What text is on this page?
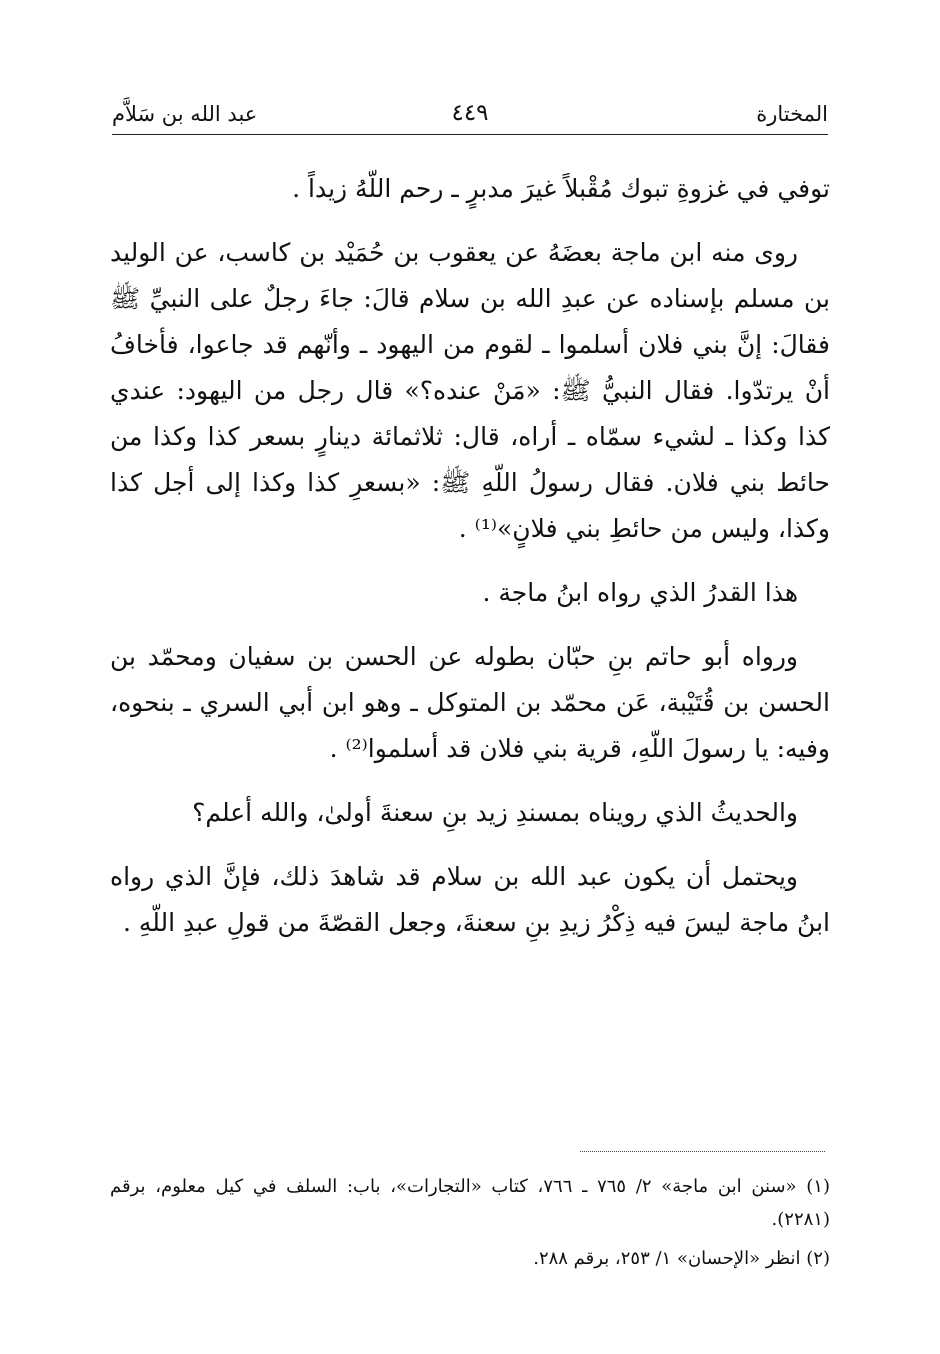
المختارة
٤٤٩
عبد الله بن سَلاَّم

توفي في غزوةِ تبوك مُقْبلاً غيرَ مدبرٍ ـ رحم اللّهُ زيداً .

روى منه ابن ماجة بعضَهُ عن يعقوب بن حُمَيْد بن كاسب، عن الوليد بن مسلم بإسناده عن عبدِ الله بن سلام قالَ: جاءَ رجلٌ على النبيِّ ﷺ فقالَ: إنَّ بني فلان أسلموا ـ لقوم من اليهود ـ وأنّهم قد جاعوا، فأخافُ أنْ يرتدّوا. فقال النبيُّ ﷺ: «مَنْ عنده؟» قال رجل من اليهود: عندي كذا وكذا ـ لشيء سمّاه ـ أراه، قال: ثلاثمائة دينارٍ بسعر كذا وكذا من حائط بني فلان. فقال رسولُ اللّهِ ﷺ: «بسعرِ كذا وكذا إلى أجل كذا وكذا، وليس من حائطِ بني فلانٍ»⁽¹⁾ .

هذا القدرُ الذي رواه ابنُ ماجة .

ورواه أبو حاتم بنِ حبّان بطوله عن الحسن بن سفيان ومحمّد بن الحسن بن قُتَيْبة، عَن محمّد بن المتوكل ـ وهو ابن أبي السري ـ بنحوه، وفيه: يا رسولَ اللّهِ، قرية بني فلان قد أسلموا⁽²⁾ .

والحديثُ الذي رويناه بمسندِ زيد بنِ سعنةَ أولىٰ، والله أعلم؟

ويحتمل أن يكون عبد الله بن سلام قد شاهدَ ذلك، فإنَّ الذي رواه ابنُ ماجة ليسَ فيه ذِكْرُ زيدِ بنِ سعنةَ، وجعل القصّةَ من قولِ عبدِ اللّهِ .

(١) «سنن ابن ماجة» ٢/ ٧٦٥ ـ ٧٦٦، كتاب «التجارات»، باب: السلف في كيل معلوم، برقم (٢٢٨١).

(٢) انظر «الإحسان» ١/ ٢٥٣، برقم ٢٨٨.
